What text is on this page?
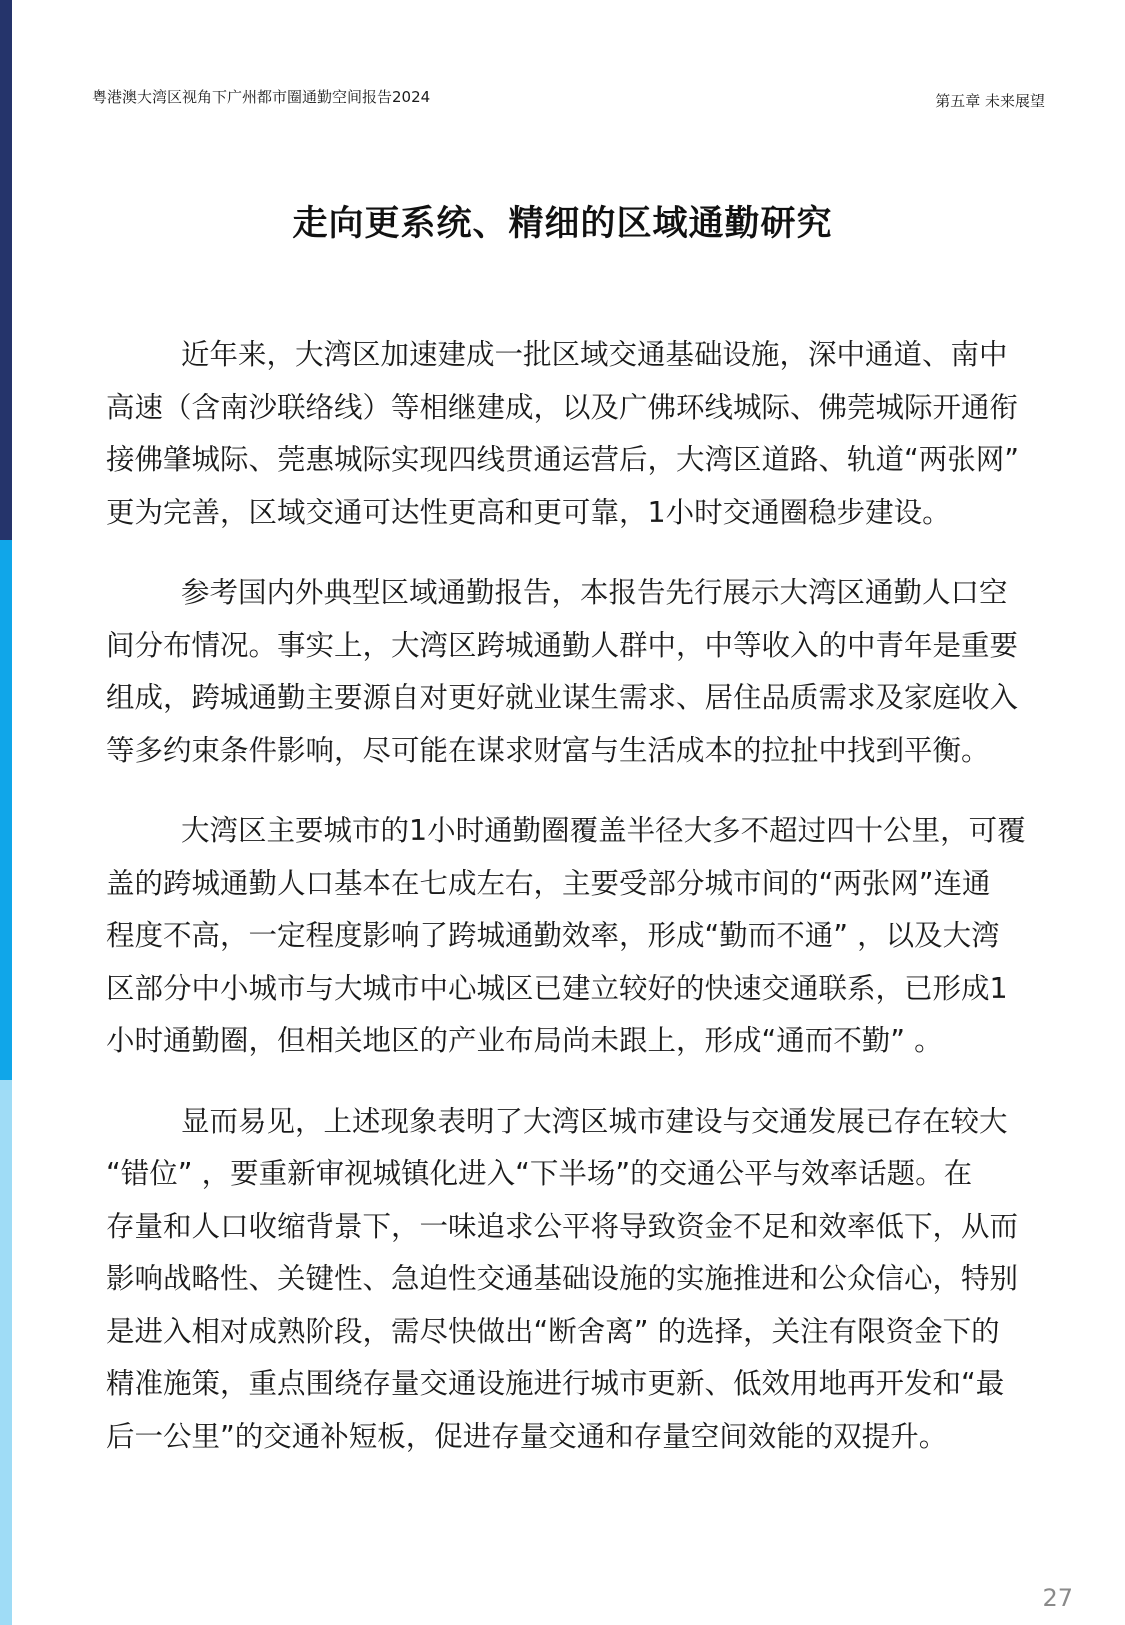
粤港澳大湾区视角下广州都市圈通勤空间报告2024	第五章 未来展望
走向更系统、精细的区域通勤研究

近年来，大湾区加速建成一批区域交通基础设施，深中通道、南中
高速（含南沙联络线）等相继建成，以及广佛环线城际、佛莞城际开通衔
接佛肇城际、莞惠城际实现四线贯通运营后，大湾区道路、轨道“两张网”
更为完善，区域交通可达性更高和更可靠，1小时交通圈稳步建设。

参考国内外典型区域通勤报告，本报告先行展示大湾区通勤人口空
间分布情况。事实上，大湾区跨城通勤人群中，中等收入的中青年是重要
组成，跨城通勤主要源自对更好就业谋生需求、居住品质需求及家庭收入
等多约束条件影响，尽可能在谋求财富与生活成本的拉扯中找到平衡。

大湾区主要城市的1小时通勤圈覆盖半径大多不超过四十公里，可覆
盖的跨城通勤人口基本在七成左右，主要受部分城市间的“两张网”连通
程度不高，一定程度影响了跨城通勤效率，形成“勤而不通” ，以及大湾
区部分中小城市与大城市中心城区已建立较好的快速交通联系，已形成1
小时通勤圈，但相关地区的产业布局尚未跟上，形成“通而不勤” 。

显而易见，上述现象表明了大湾区城市建设与交通发展已存在较大
“错位” ，要重新审视城镇化进入“下半场”的交通公平与效率话题。在
存量和人口收缩背景下，一味追求公平将导致资金不足和效率低下，从而
影响战略性、关键性、急迫性交通基础设施的实施推进和公众信心，特别
是进入相对成熟阶段，需尽快做出“断舍离” 的选择，关注有限资金下的
精准施策，重点围绕存量交通设施进行城市更新、低效用地再开发和“最
后一公里”的交通补短板，促进存量交通和存量空间效能的双提升。

27
